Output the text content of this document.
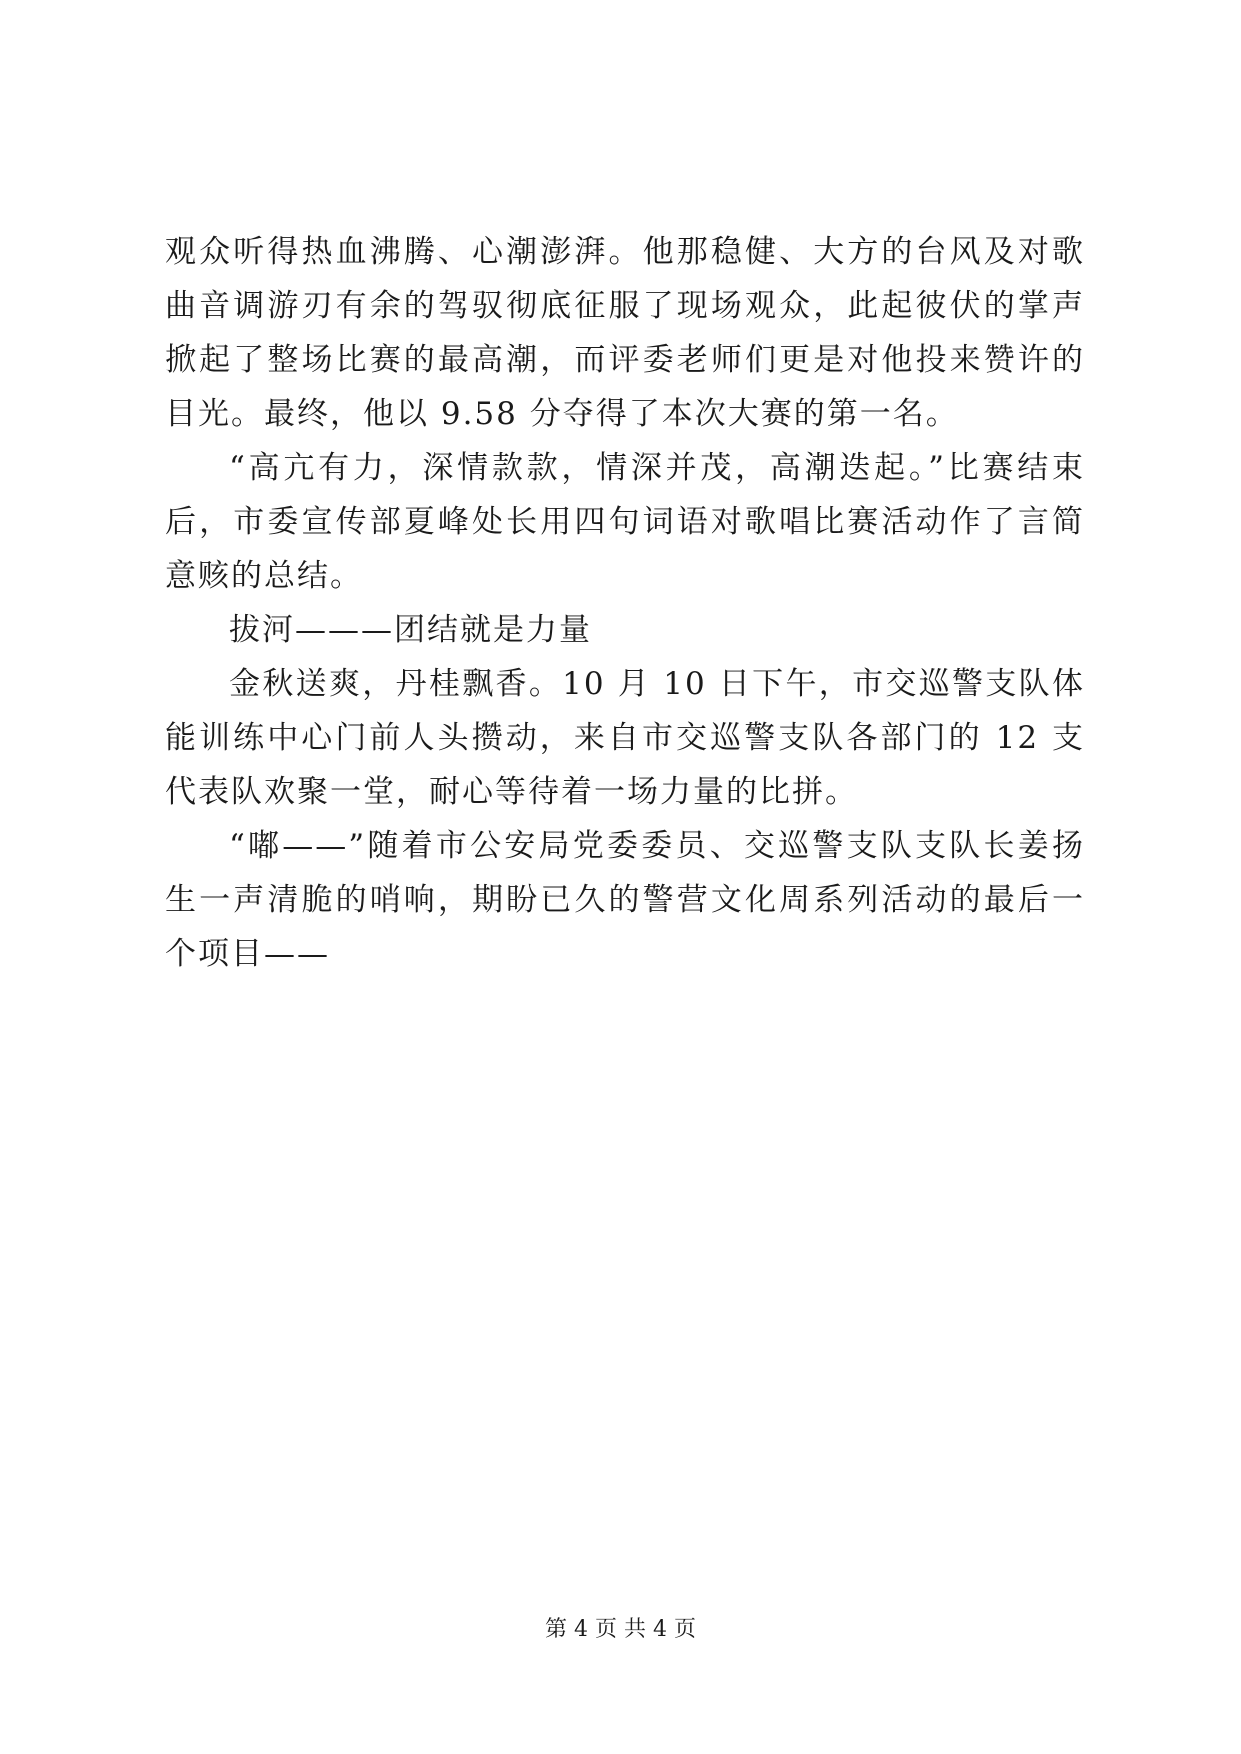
观众听得热血沸腾、心潮澎湃。他那稳健、大方的台风及对歌曲音调游刃有余的驾驭彻底征服了现场观众，此起彼伏的掌声掀起了整场比赛的最高潮，而评委老师们更是对他投来赞许的目光。最终，他以 9.58 分夺得了本次大赛的第一名。

“高亢有力，深情款款，情深并茂，高潮迭起。”比赛结束后，市委宣传部夏峰处长用四句词语对歌唱比赛活动作了言简意赅的总结。

拔河———团结就是力量

金秋送爽，丹桂飘香。10 月 10 日下午，市交巡警支队体能训练中心门前人头攒动，来自市交巡警支队各部门的 12 支代表队欢聚一堂，耐心等待着一场力量的比拼。

“嘟——”随着市公安局党委委员、交巡警支队支队长姜扬生一声清脆的哨响，期盼已久的警营文化周系列活动的最后一个项目——

第 4 页 共 4 页
